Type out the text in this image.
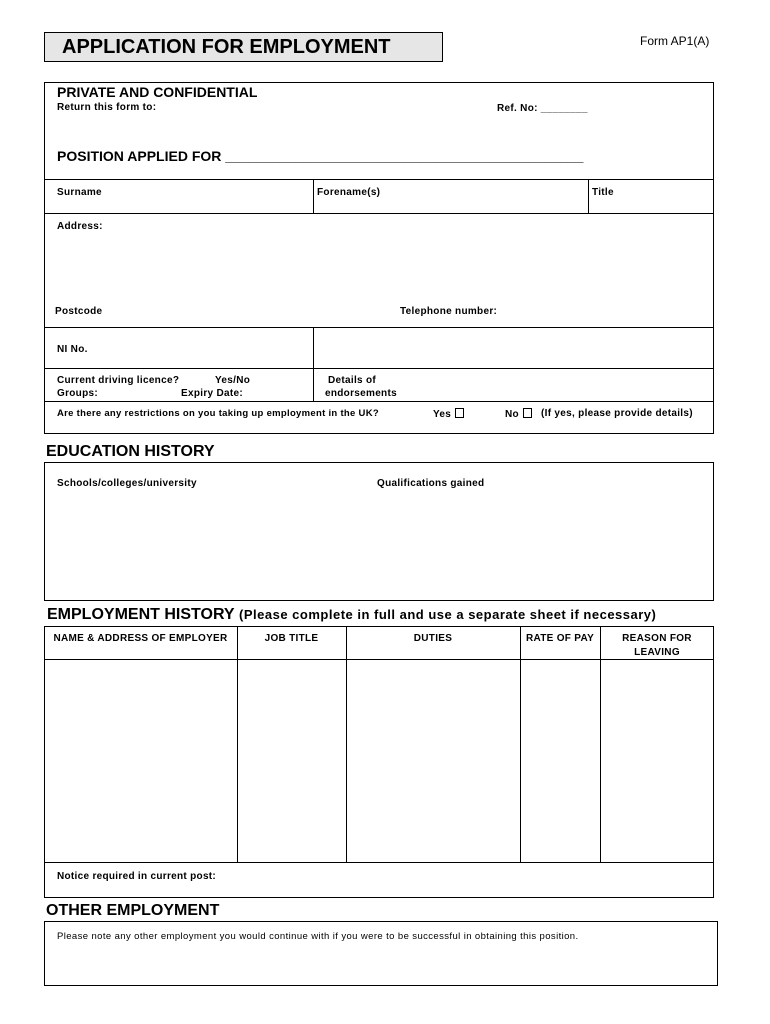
APPLICATION FOR EMPLOYMENT	Form AP1(A)
PRIVATE AND CONFIDENTIAL
Return this form to:	Ref. No: ________
POSITION APPLIED FOR ______________________________________________
Surname	Forename(s)	Title
Address:
Postcode	Telephone number:
NI No.
Current driving licence?	Yes/No
Groups:	Expiry Date:
Details of
endorsements
Are there any restrictions on you taking up employment in the UK?	Yes	No	(If yes, please provide details)
EDUCATION HISTORY
Schools/colleges/university	Qualifications gained
EMPLOYMENT HISTORY (Please complete in full and use a separate sheet if necessary)
NAME & ADDRESS OF EMPLOYER	JOB TITLE	DUTIES	RATE OF PAY	REASON FOR
LEAVING
Notice required in current post:
OTHER EMPLOYMENT
Please note any other employment you would continue with if you were to be successful in obtaining this position.
